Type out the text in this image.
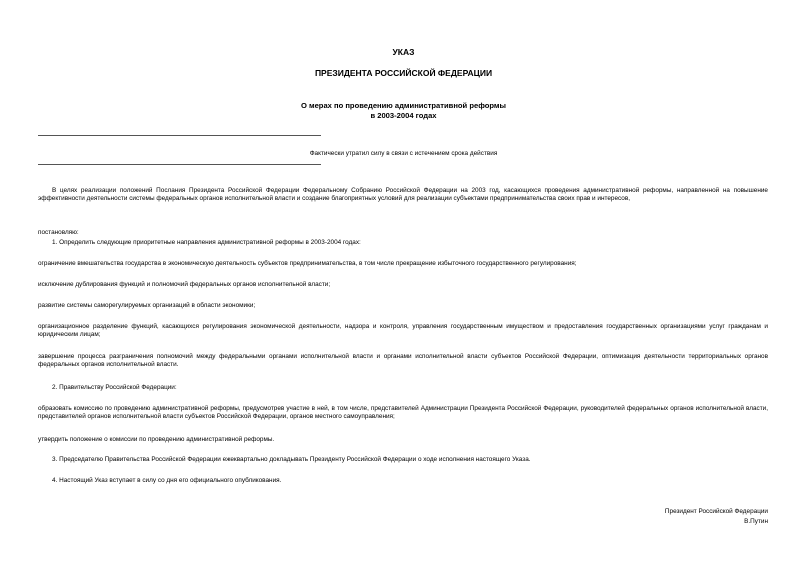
УКАЗ
ПРЕЗИДЕНТА РОССИЙСКОЙ ФЕДЕРАЦИИ
О мерах по проведению административной реформы
в 2003-2004 годах
Фактически утратил силу в связи с истечением срока действия
В целях реализации положений Послания Президента Российской Федерации Федеральному Собранию Российской Федерации на 2003 год, касающихся проведения административной реформы, направленной на повышение эффективности деятельности системы федеральных органов исполнительной власти и создание благоприятных условий для реализации субъектами предпринимательства своих прав и интересов,
постановляю:
1. Определить следующие приоритетные направления административной реформы в 2003-2004 годах:
ограничение вмешательства государства в экономическую деятельность субъектов предпринимательства, в том числе прекращение избыточного государственного регулирования;
исключение дублирования функций и полномочий федеральных органов исполнительной власти;
развитие системы саморегулируемых организаций в области экономики;
организационное разделение функций, касающихся регулирования экономической деятельности, надзора и контроля, управления государственным имуществом и предоставления государственных организациями услуг гражданам и юридическим лицам;
завершение процесса разграничения полномочий между федеральными органами исполнительной власти и органами исполнительной власти субъектов Российской Федерации, оптимизация деятельности территориальных органов федеральных органов исполнительной власти.
2. Правительству Российской Федерации:
образовать комиссию по проведению административной реформы, предусмотрев участие в ней, в том числе, представителей Администрации Президента Российской Федерации, руководителей федеральных органов исполнительной власти, представителей органов исполнительной власти субъектов Российской Федерации, органов местного самоуправления;
утвердить положение о комиссии по проведению административной реформы.
3. Председателю Правительства Российской Федерации ежеквартально докладывать Президенту Российской Федерации о ходе исполнения настоящего Указа.
4. Настоящий Указ вступает в силу со дня его официального опубликования.
Президент Российской Федерации
В.Путин
